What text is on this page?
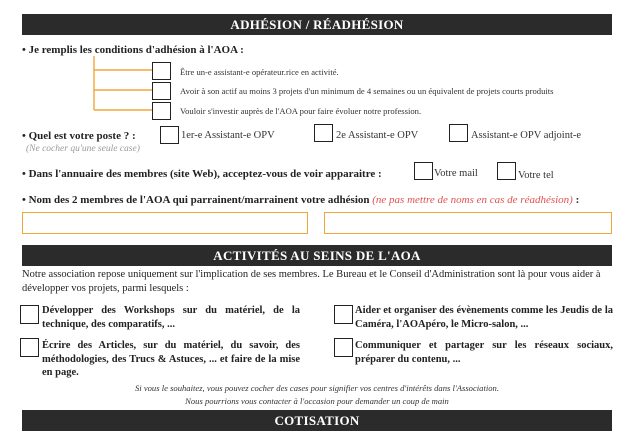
ADHÉSION / RÉADHÉSION
• Je remplis les conditions d'adhésion à l'AOA :
Être un-e assistant-e opérateur.rice en activité.
Avoir à son actif au moins 3 projets d'un minimum de 4 semaines ou un équivalent de projets courts produits
Vouloir s'investir auprès de l'AOA pour faire évoluer notre profession.
• Quel est votre poste ? :
(Ne cocher qu'une seule case)
1er-e Assistant-e OPV	2e Assistant-e OPV	Assistant-e OPV adjoint-e
• Dans l'annuaire des membres (site Web), acceptez-vous de voir apparaitre :	Votre mail	Votre tel
• Nom des 2 membres de l'AOA qui parrainent/marrainent votre adhésion (ne pas mettre de noms en cas de réadhésion) :
ACTIVITÉS AU SEINS DE L'AOA
Notre association repose uniquement sur l'implication de ses membres. Le Bureau et le Conseil d'Administration sont là pour vous aider à développer vos projets, parmi lesquels :
Développer des Workshops sur du matériel, de la technique, des comparatifs, ...
Aider et organiser des évènements comme les Jeudis de la Caméra, l'AOApéro, le Micro-salon, ...
Écrire des Articles, sur du matériel, du savoir, des méthodologies, des Trucs & Astuces, ... et faire de la mise en page.
Communiquer et partager sur les réseaux sociaux, préparer du contenu, ...
Si vous le souhaitez, vous pouvez cocher des cases pour signifier vos centres d'intérêts dans l'Association.
Nous pourrions vous contacter à l'occasion pour demander un coup de main
COTISATION
